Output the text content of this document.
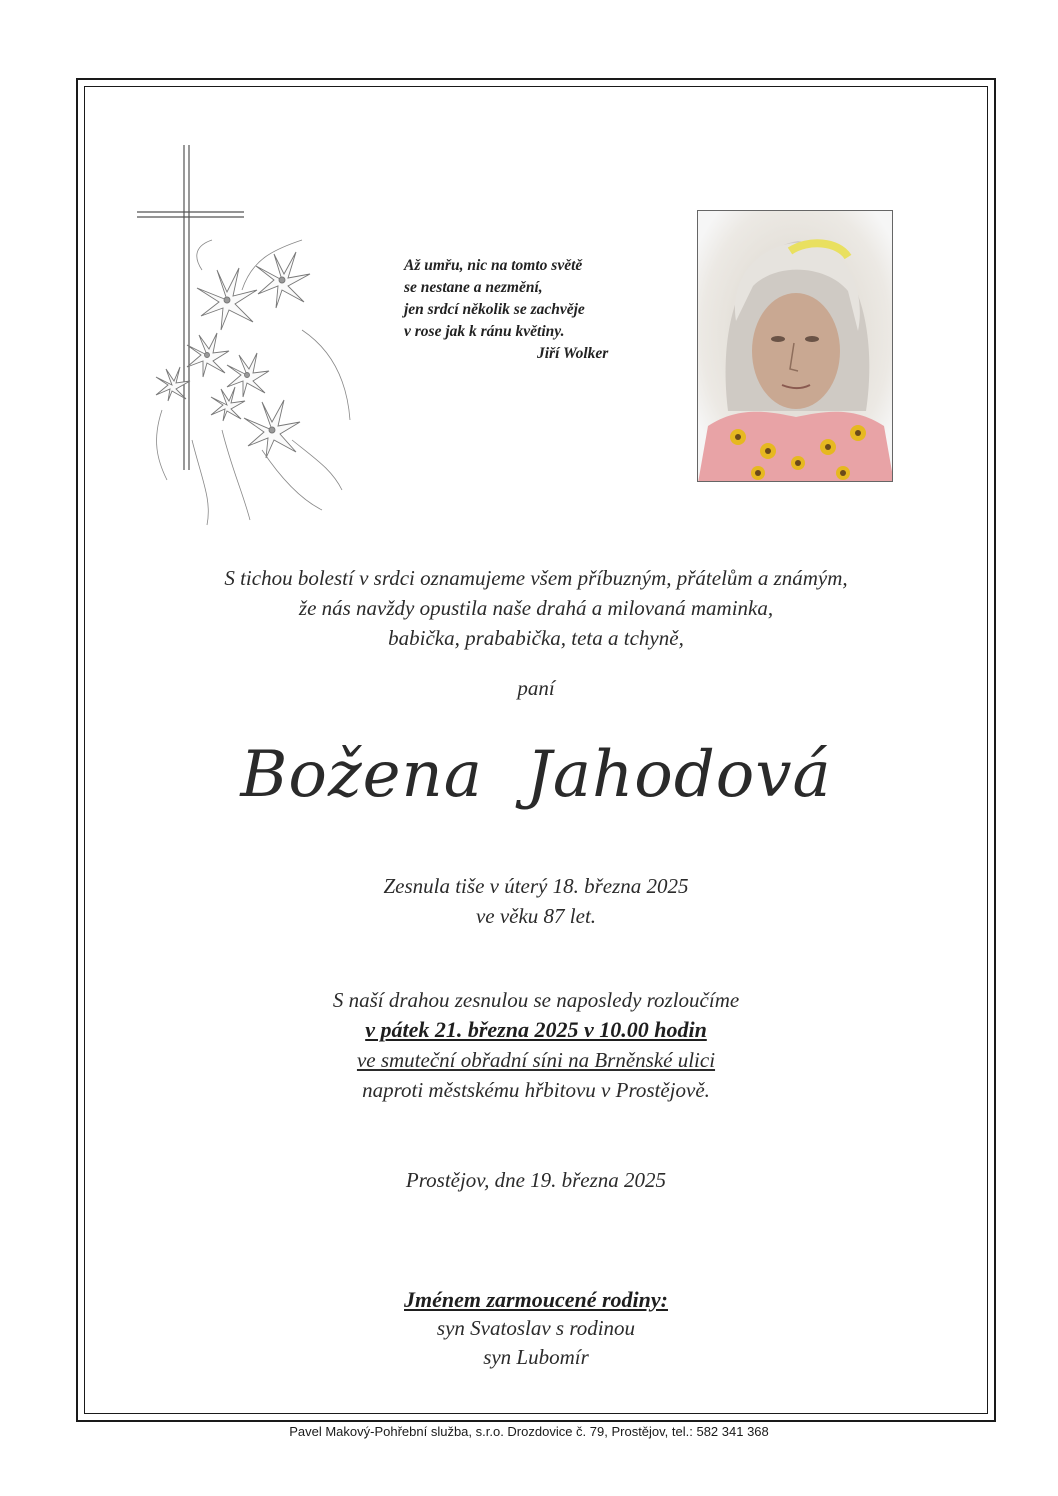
Až umřu, nic na tomto světě
se nestane a nezmění,
jen srdcí několik se zachvěje
v rose jak k ránu květiny.
Jiří Wolker
S tichou bolestí v srdci oznamujeme všem příbuzným, přátelům a známým,
že nás navždy opustila naše drahá a milovaná maminka,
babička, prababička, teta a tchyně,
paní
Božena Jahodová
Zesnula tiše v úterý 18. března 2025
ve věku 87 let.
S naší drahou zesnulou se naposledy rozloučíme
v pátek 21. března 2025 v 10.00 hodin
ve smuteční obřadní síni na Brněnské ulici
naproti městskému hřbitovu v Prostějově.
Prostějov, dne 19. března 2025
Jménem zarmoucené rodiny:
syn Svatoslav s rodinou
syn Lubomír
Pavel Makový-Pohřební služba, s.r.o. Drozdovice č. 79, Prostějov, tel.: 582 341 368
